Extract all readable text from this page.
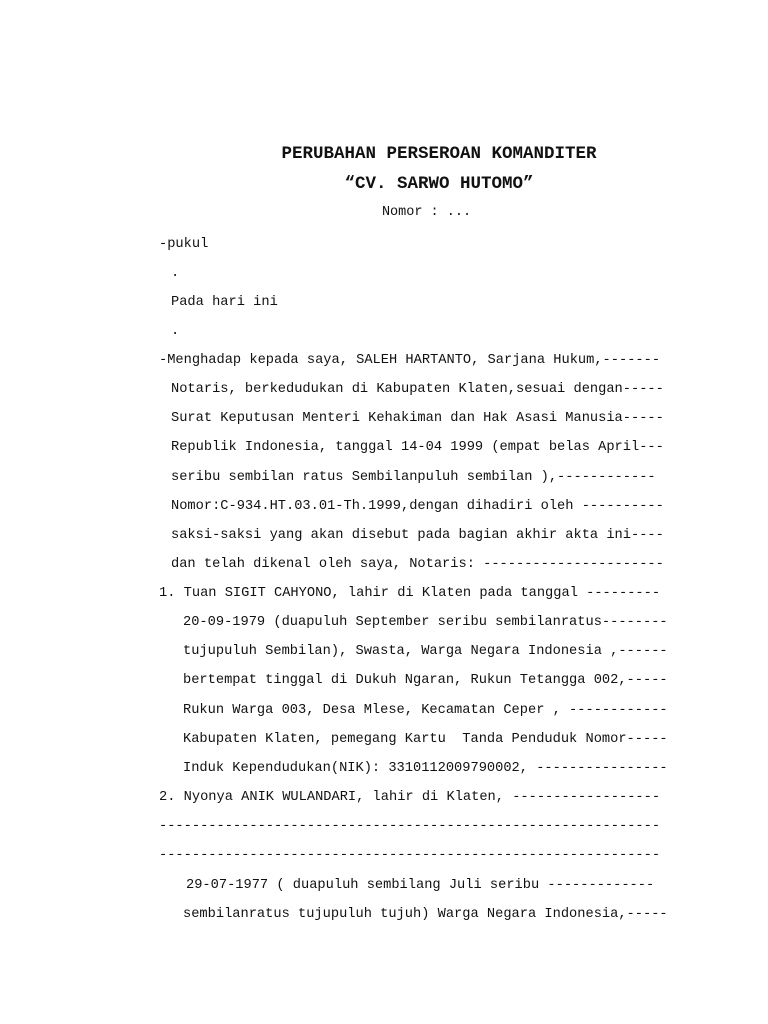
PERUBAHAN PERSEROAN KOMANDITER
“CV. SARWO HUTOMO”
Nomor : ...
-pukul
.
Pada hari ini
.
-Menghadap kepada saya, SALEH HARTANTO, Sarjana Hukum,-------
Notaris, berkedudukan di Kabupaten Klaten,sesuai dengan-----
Surat Keputusan Menteri Kehakiman dan Hak Asasi Manusia-----
Republik Indonesia, tanggal 14-04 1999 (empat belas April---
seribu sembilan ratus Sembilanpuluh sembilan ),------------
Nomor:C-934.HT.03.01-Th.1999,dengan dihadiri oleh ----------
saksi-saksi yang akan disebut pada bagian akhir akta ini----
dan telah dikenal oleh saya, Notaris: ----------------------
1. Tuan SIGIT CAHYONO, lahir di Klaten pada tanggal ---------
20-09-1979 (duapuluh September seribu sembilanratus--------
tujupuluh Sembilan), Swasta, Warga Negara Indonesia ,------
bertempat tinggal di Dukuh Ngaran, Rukun Tetangga 002,-----
Rukun Warga 003, Desa Mlese, Kecamatan Ceper , ------------
Kabupaten Klaten, pemegang Kartu  Tanda Penduduk Nomor-----
Induk Kependudukan(NIK): 3310112009790002, ----------------
2. Nyonya ANIK WULANDARI, lahir di Klaten, ------------------
-------------------------------------------------------------
-------------------------------------------------------------
29-07-1977 ( duapuluh sembilang Juli seribu -------------
sembilanratus tujupuluh tujuh) Warga Negara Indonesia,-----
